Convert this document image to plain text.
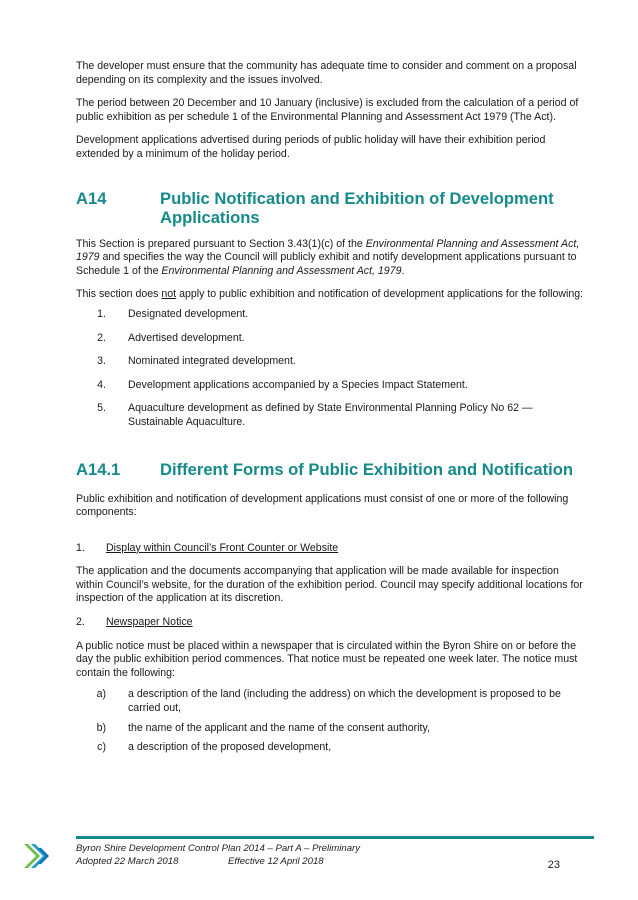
The developer must ensure that the community has adequate time to consider and comment on a proposal depending on its complexity and the issues involved.

The period between 20 December and 10 January (inclusive) is excluded from the calculation of a period of public exhibition as per schedule 1 of the Environmental Planning and Assessment Act 1979 (The Act).

Development applications advertised during periods of public holiday will have their exhibition period extended by a minimum of the holiday period.

A14	Public Notification and Exhibition of Development Applications

This Section is prepared pursuant to Section 3.43(1)(c) of the Environmental Planning and Assessment Act, 1979 and specifies the way the Council will publicly exhibit and notify development applications pursuant to Schedule 1 of the Environmental Planning and Assessment Act, 1979.

This section does not apply to public exhibition and notification of development applications for the following:

1.	Designated development.
2.	Advertised development.
3.	Nominated integrated development.
4.	Development applications accompanied by a Species Impact Statement.
5.	Aquaculture development as defined by State Environmental Planning Policy No 62 — Sustainable Aquaculture.
A14.1	Different Forms of Public Exhibition and Notification

Public exhibition and notification of development applications must consist of one or more of the following components:

1.	Display within Council’s Front Counter or Website

The application and the documents accompanying that application will be made available for inspection within Council’s website, for the duration of the exhibition period. Council may specify additional locations for inspection of the application at its discretion.

2.	Newspaper Notice

A public notice must be placed within a newspaper that is circulated within the Byron Shire on or before the day the public exhibition period commences. That notice must be repeated one week later. The notice must contain the following:

a)	a description of the land (including the address) on which the development is proposed to be carried out,
b)	the name of the applicant and the name of the consent authority,
c)	a description of the proposed development,
Byron Shire Development Control Plan 2014 – Part A – Preliminary
Adopted 22 March 2018	Effective 12 April 2018	23
